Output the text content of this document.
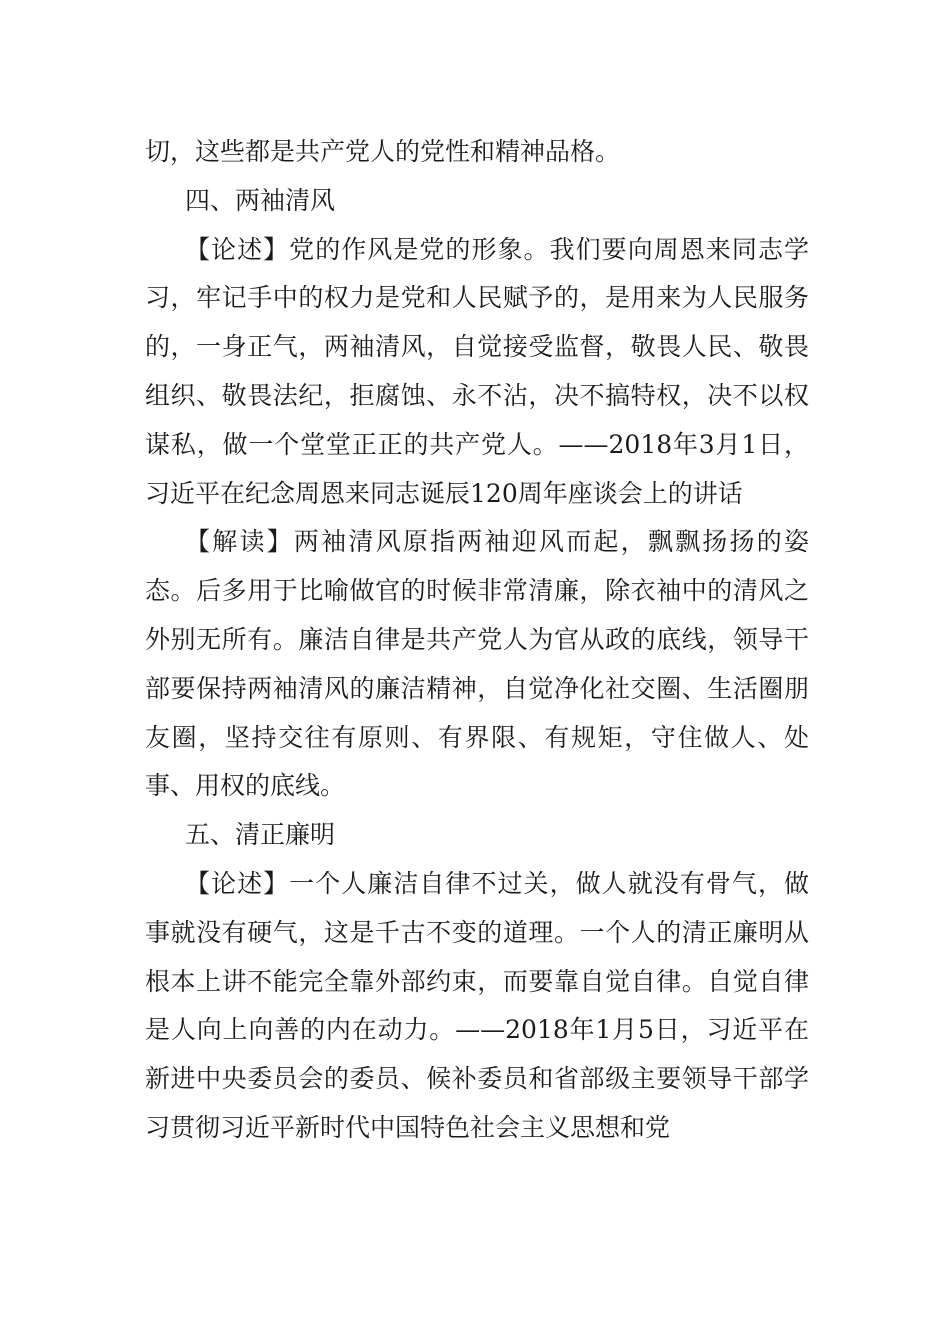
切，这些都是共产党人的党性和精神品格。

四、两袖清风

【论述】党的作风是党的形象。我们要向周恩来同志学习，牢记手中的权力是党和人民赋予的，是用来为人民服务的，一身正气，两袖清风，自觉接受监督，敬畏人民、敬畏组织、敬畏法纪，拒腐蚀、永不沾，决不搞特权，决不以权谋私，做一个堂堂正正的共产党人。——2018年3月1日，习近平在纪念周恩来同志诞辰120周年座谈会上的讲话

【解读】两袖清风原指两袖迎风而起，飘飘扬扬的姿态。后多用于比喻做官的时候非常清廉，除衣袖中的清风之外别无所有。廉洁自律是共产党人为官从政的底线，领导干部要保持两袖清风的廉洁精神，自觉净化社交圈、生活圈朋友圈，坚持交往有原则、有界限、有规矩，守住做人、处事、用权的底线。

五、清正廉明

【论述】一个人廉洁自律不过关，做人就没有骨气，做事就没有硬气，这是千古不变的道理。一个人的清正廉明从根本上讲不能完全靠外部约束，而要靠自觉自律。自觉自律是人向上向善的内在动力。——2018年1月5日，习近平在新进中央委员会的委员、候补委员和省部级主要领导干部学习贯彻习近平新时代中国特色社会主义思想和党
